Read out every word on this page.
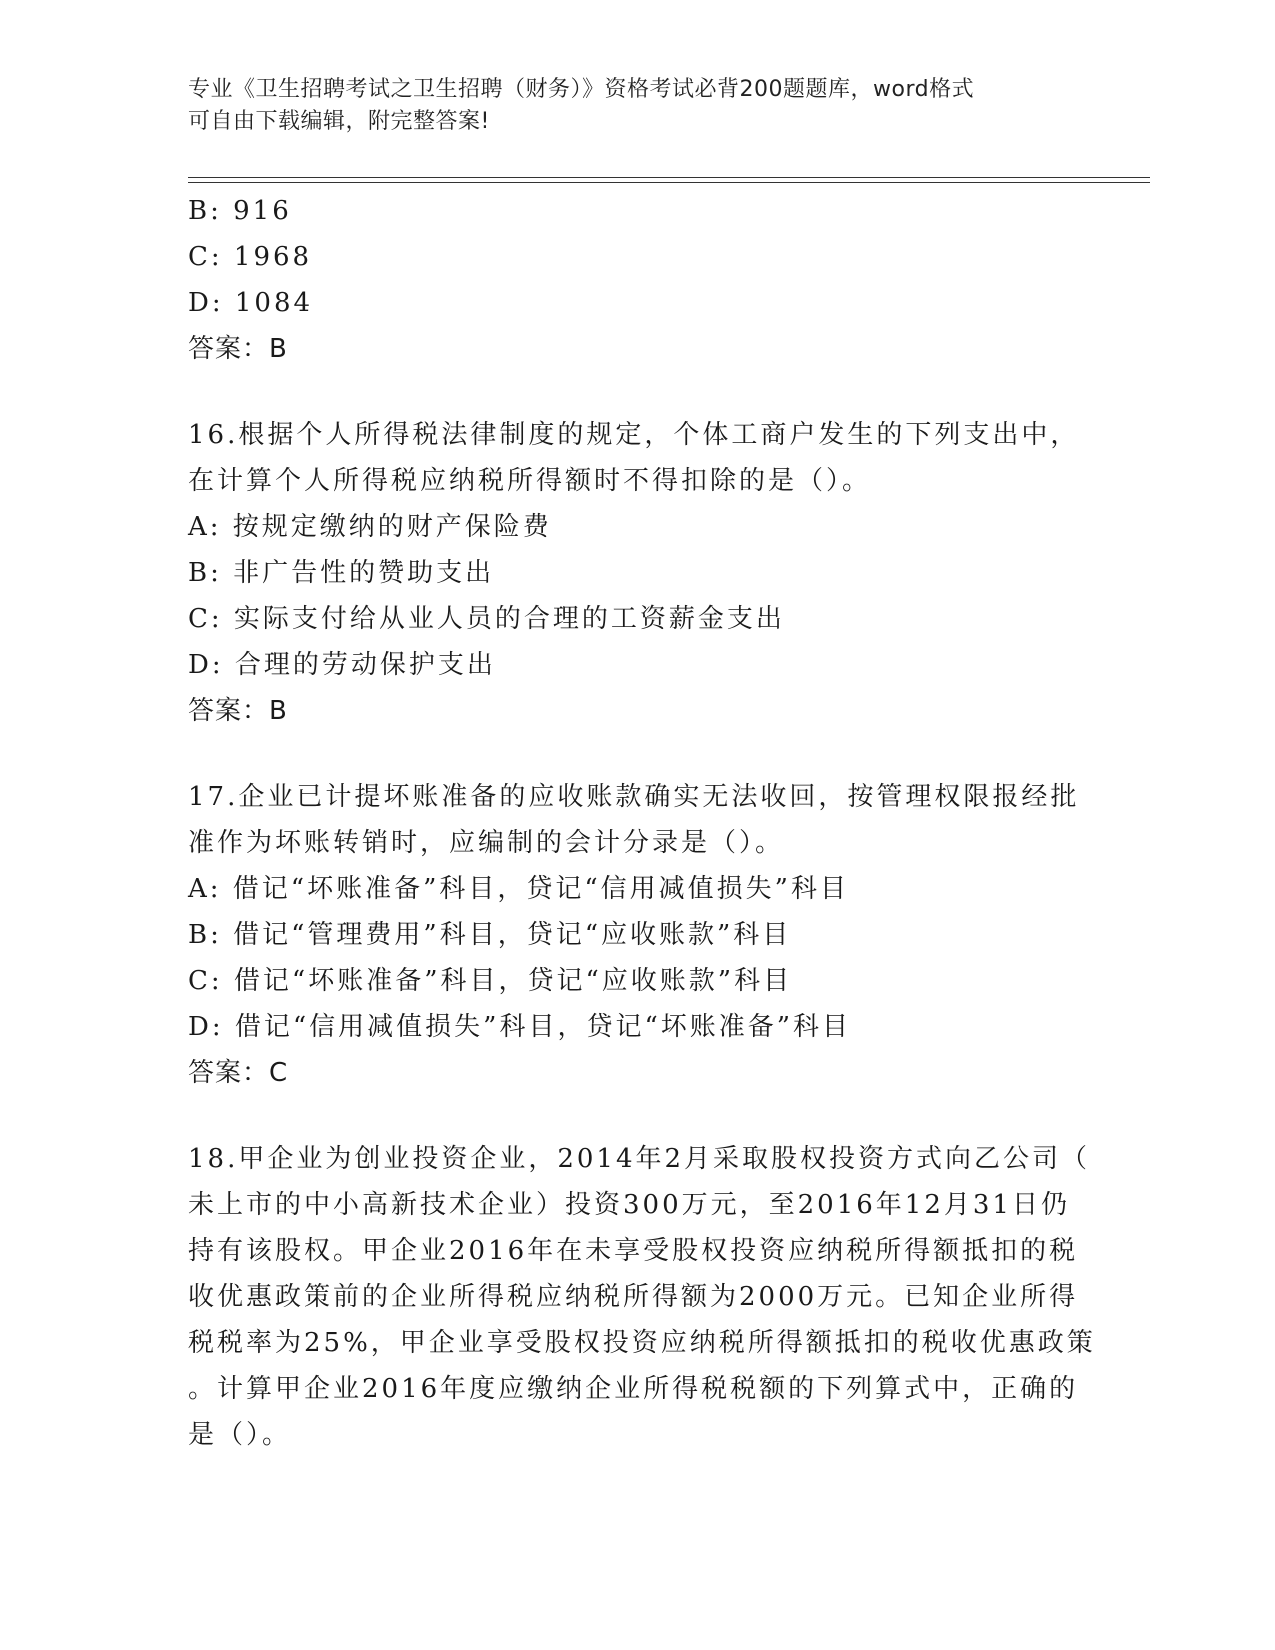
专业《卫生招聘考试之卫生招聘（财务）》资格考试必背200题题库，word格式
可自由下载编辑，附完整答案!
B: 916
C: 1968
D: 1084
答案：B
16.根据个人所得税法律制度的规定，个体工商户发生的下列支出中，
在计算个人所得税应纳税所得额时不得扣除的是（）。
A: 按规定缴纳的财产保险费
B: 非广告性的赞助支出
C: 实际支付给从业人员的合理的工资薪金支出
D: 合理的劳动保护支出
答案：B
17.企业已计提坏账准备的应收账款确实无法收回，按管理权限报经批
准作为坏账转销时，应编制的会计分录是（）。
A: 借记“坏账准备”科目，贷记“信用减值损失”科目
B: 借记“管理费用”科目，贷记“应收账款”科目
C: 借记“坏账准备”科目，贷记“应收账款”科目
D: 借记“信用减值损失”科目，贷记“坏账准备”科目
答案：C
18.甲企业为创业投资企业，2014年2月采取股权投资方式向乙公司（
未上市的中小高新技术企业）投资300万元，至2016年12月31日仍
持有该股权。甲企业2016年在未享受股权投资应纳税所得额抵扣的税
收优惠政策前的企业所得税应纳税所得额为2000万元。已知企业所得
税税率为25%，甲企业享受股权投资应纳税所得额抵扣的税收优惠政策
。计算甲企业2016年度应缴纳企业所得税税额的下列算式中，正确的
是（）。
